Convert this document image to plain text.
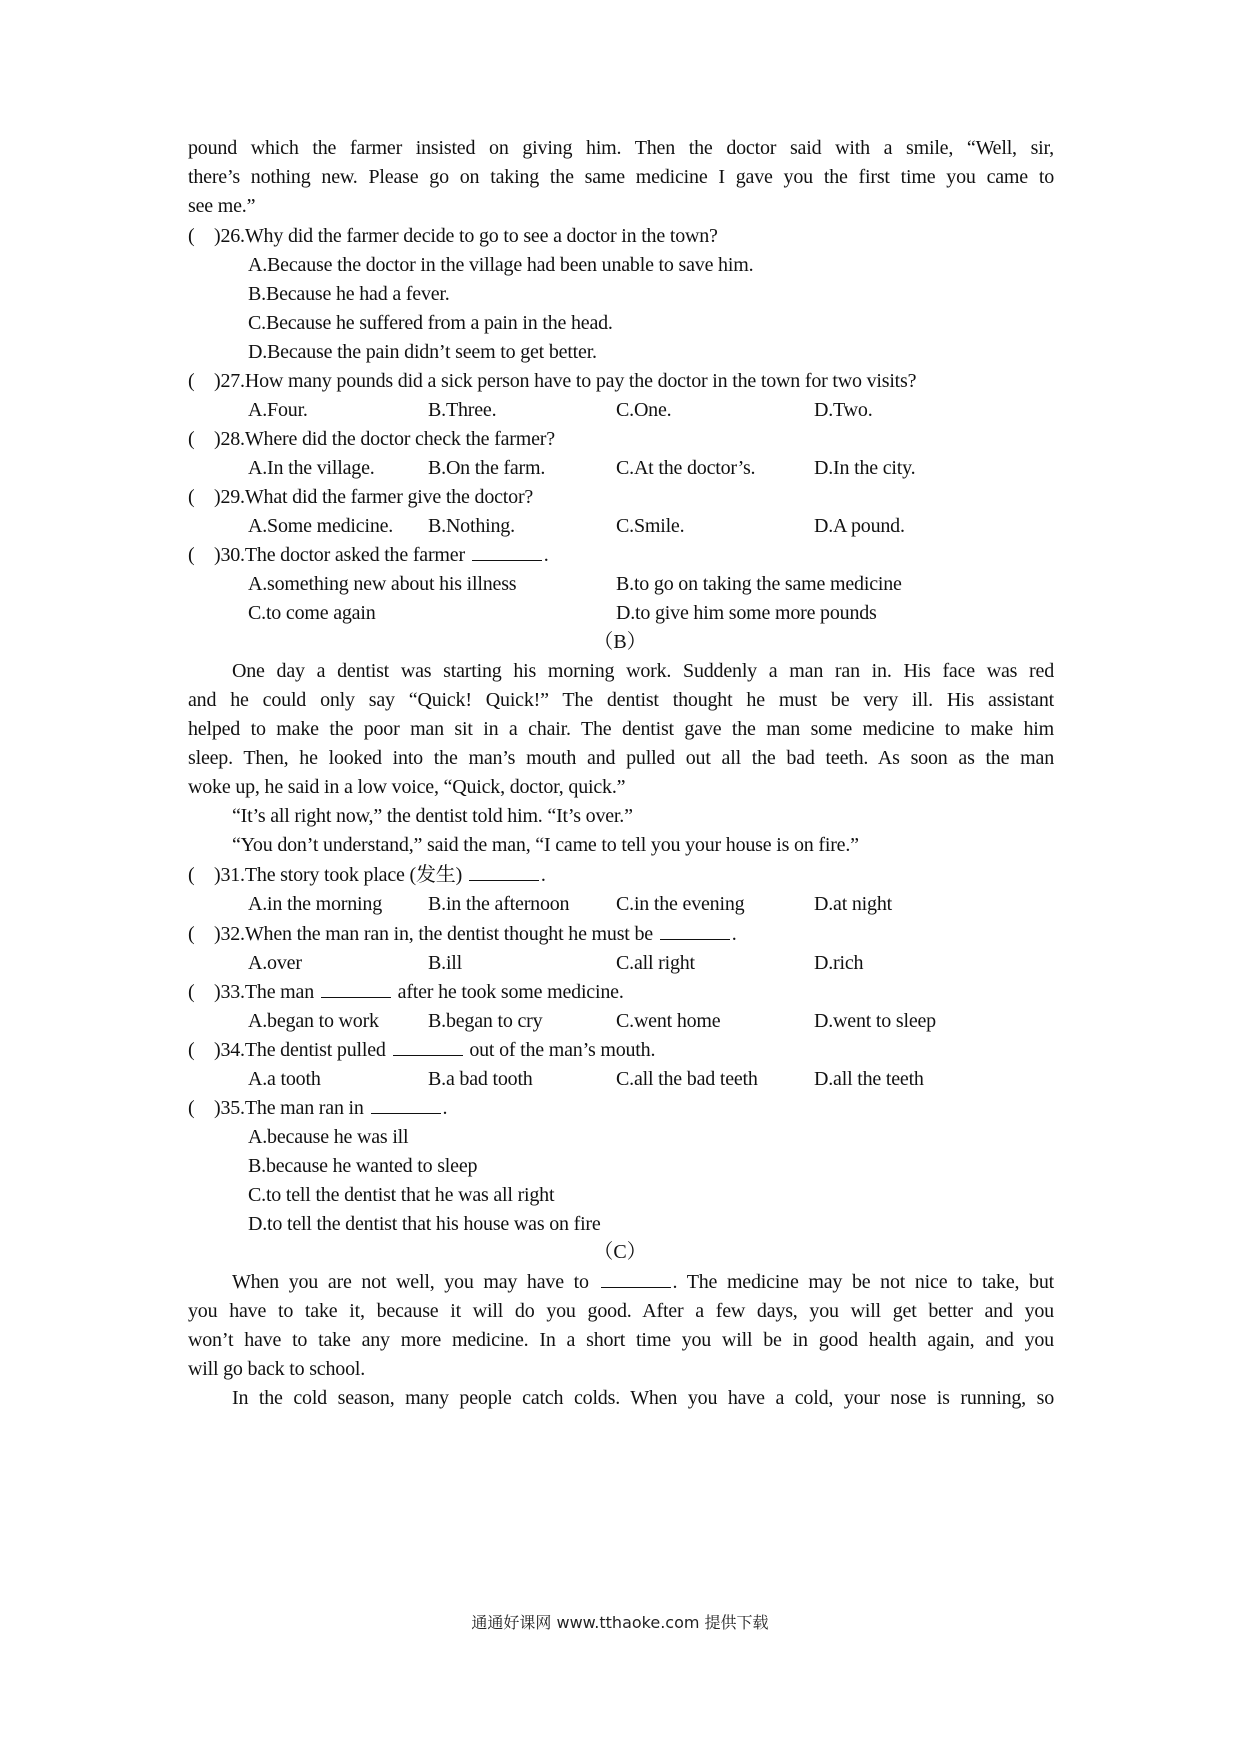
pound which the farmer insisted on giving him. Then the doctor said with a smile, “Well, sir,
there’s nothing new. Please go on taking the same medicine I gave you the first time you came to
see me.”
( )26.Why did the farmer decide to go to see a doctor in the town?
A.Because the doctor in the village had been unable to save him.
B.Because he had a fever.
C.Because he suffered from a pain in the head.
D.Because the pain didn’t seem to get better.
( )27.How many pounds did a sick person have to pay the doctor in the town for two visits?
A.Four.	B.Three.	C.One.	D.Two.
( )28.Where did the doctor check the farmer?
A.In the village.	B.On the farm.	C.At the doctor’s.	D.In the city.
( )29.What did the farmer give the doctor?
A.Some medicine. B.Nothing.	C.Smile.	D.A pound.
( )30.The doctor asked the farmer	.
A.something new about his illness	B.to go on taking the same medicine
C.to come again	D.to give him some more pounds
（B）
One day a dentist was starting his morning work. Suddenly a man ran in. His face was red
and he could only say “Quick! Quick!” The dentist thought he must be very ill. His assistant
helped to make the poor man sit in a chair. The dentist gave the man some medicine to make him
sleep. Then, he looked into the man’s mouth and pulled out all the bad teeth. As soon as the man
woke up, he said in a low voice, “Quick, doctor, quick.”
“It’s all right now,” the dentist told him. “It’s over.”
“You don’t understand,” said the man, “I came to tell you your house is on fire.”
( )31.The story took place (发生)	.
A.in the morning B.in the afternoon C.in the evening	D.at night
( )32.When the man ran in, the dentist thought he must be	.
A.over	B.ill	C.all right	D.rich
( )33.The man	after he took some medicine.
A.began to work B.began to cry	C.went home	D.went to sleep
( )34.The dentist pulled	out of the man’s mouth.
A.a tooth	B.a bad tooth	C.all the bad teeth	D.all the teeth
( )35.The man ran in	.
A.because he was ill
B.because he wanted to sleep
C.to tell the dentist that he was all right
D.to tell the dentist that his house was on fire
（C）
When you are not well, you may have to	. The medicine may be not nice to take, but
you have to take it, because it will do you good. After a few days, you will get better and you
won’t have to take any more medicine. In a short time you will be in good health again, and you
will go back to school.
In the cold season, many people catch colds. When you have a cold, your nose is running, so
通通好课网 www.tthaoke.com 提供下载
